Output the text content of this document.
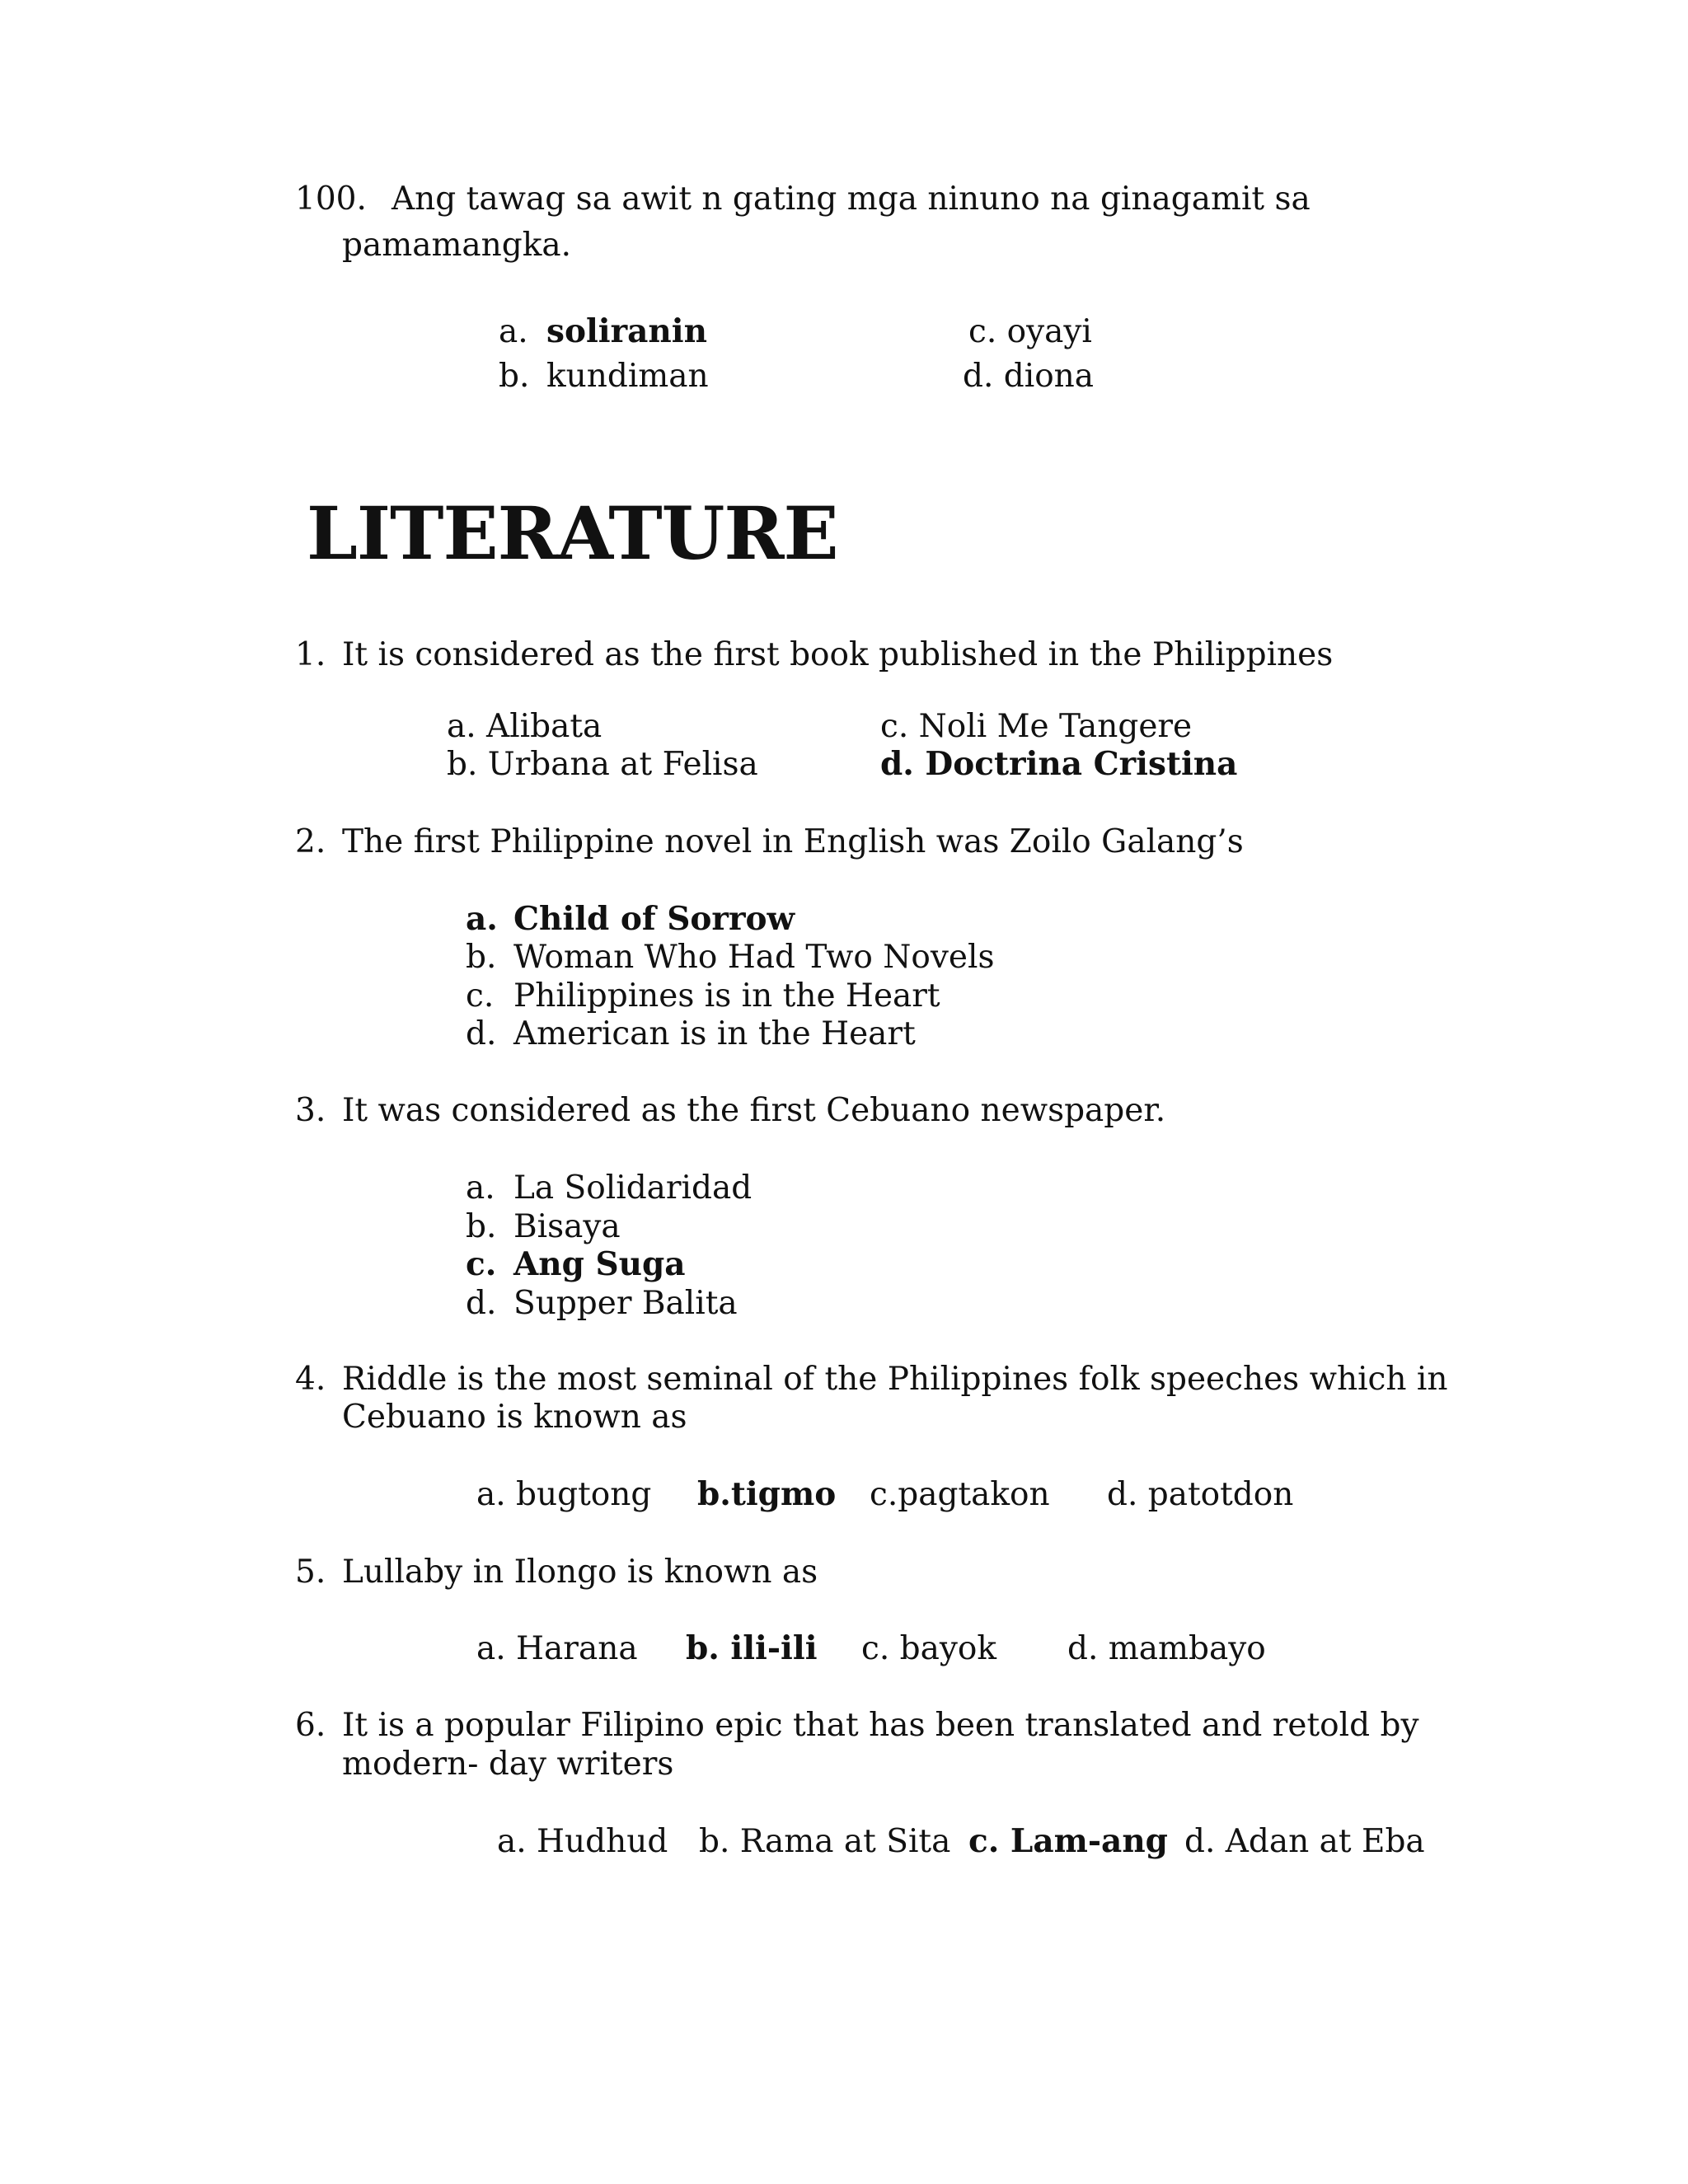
100. Ang tawag sa awit n gating mga ninuno na ginagamit sa
pamamangka.
a. soliranin
b. kundiman
c. oyayi
d. diona
LITERATURE
1. It is considered as the first book published in the Philippines
a. Alibata
b. Urbana at Felisa
c. Noli Me Tangere
d. Doctrina Cristina
2. The first Philippine novel in English was Zoilo Galang’s
a. Child of Sorrow
b. Woman Who Had Two Novels
c. Philippines is in the Heart
d. American is in the Heart
3. It was considered as the first Cebuano newspaper.
a. La Solidaridad
b. Bisaya
c. Ang Suga
d. Supper Balita
4. Riddle is the most seminal of the Philippines folk speeches which in
Cebuano is known as
a. bugtong b.tigmo c.pagtakon d. patotdon
5. Lullaby in Ilongo is known as
a. Harana b. ili-ili c. bayok d. mambayo
6. It is a popular Filipino epic that has been translated and retold by
modern- day writers
a. Hudhud b. Rama at Sita c. Lam-ang d. Adan at Eba
